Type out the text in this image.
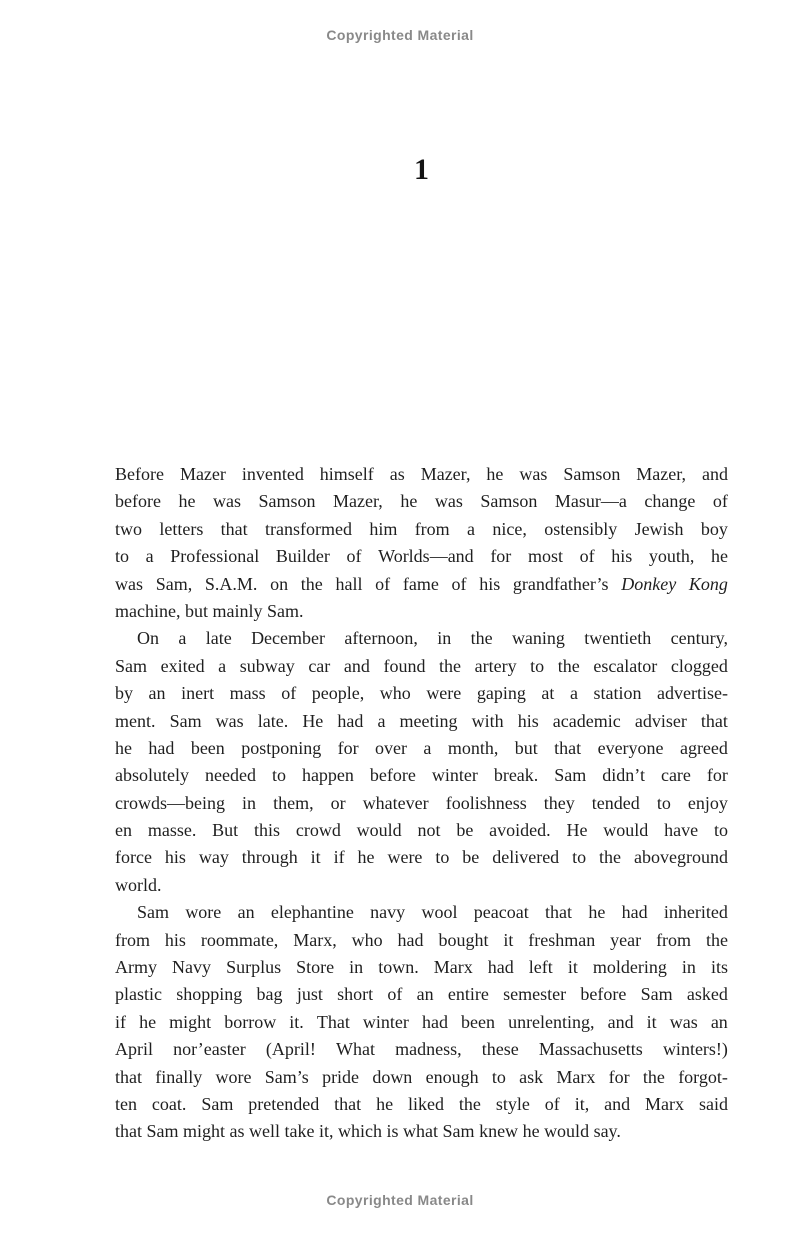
Copyrighted Material
1
Before Mazer invented himself as Mazer, he was Samson Mazer, and
before he was Samson Mazer, he was Samson Masur—a change of
two letters that transformed him from a nice, ostensibly Jewish boy
to a Professional Builder of Worlds—and for most of his youth, he
was Sam, S.A.M. on the hall of fame of his grandfather’s Donkey Kong
machine, but mainly Sam.
On a late December afternoon, in the waning twentieth century,
Sam exited a subway car and found the artery to the escalator clogged
by an inert mass of people, who were gaping at a station advertise-
ment. Sam was late. He had a meeting with his academic adviser that
he had been postponing for over a month, but that everyone agreed
absolutely needed to happen before winter break. Sam didn’t care for
crowds—being in them, or whatever foolishness they tended to enjoy
en masse. But this crowd would not be avoided. He would have to
force his way through it if he were to be delivered to the aboveground
world.
Sam wore an elephantine navy wool peacoat that he had inherited
from his roommate, Marx, who had bought it freshman year from the
Army Navy Surplus Store in town. Marx had left it moldering in its
plastic shopping bag just short of an entire semester before Sam asked
if he might borrow it. That winter had been unrelenting, and it was an
April nor’easter (April! What madness, these Massachusetts winters!)
that finally wore Sam’s pride down enough to ask Marx for the forgot-
ten coat. Sam pretended that he liked the style of it, and Marx said
that Sam might as well take it, which is what Sam knew he would say.
Copyrighted Material
